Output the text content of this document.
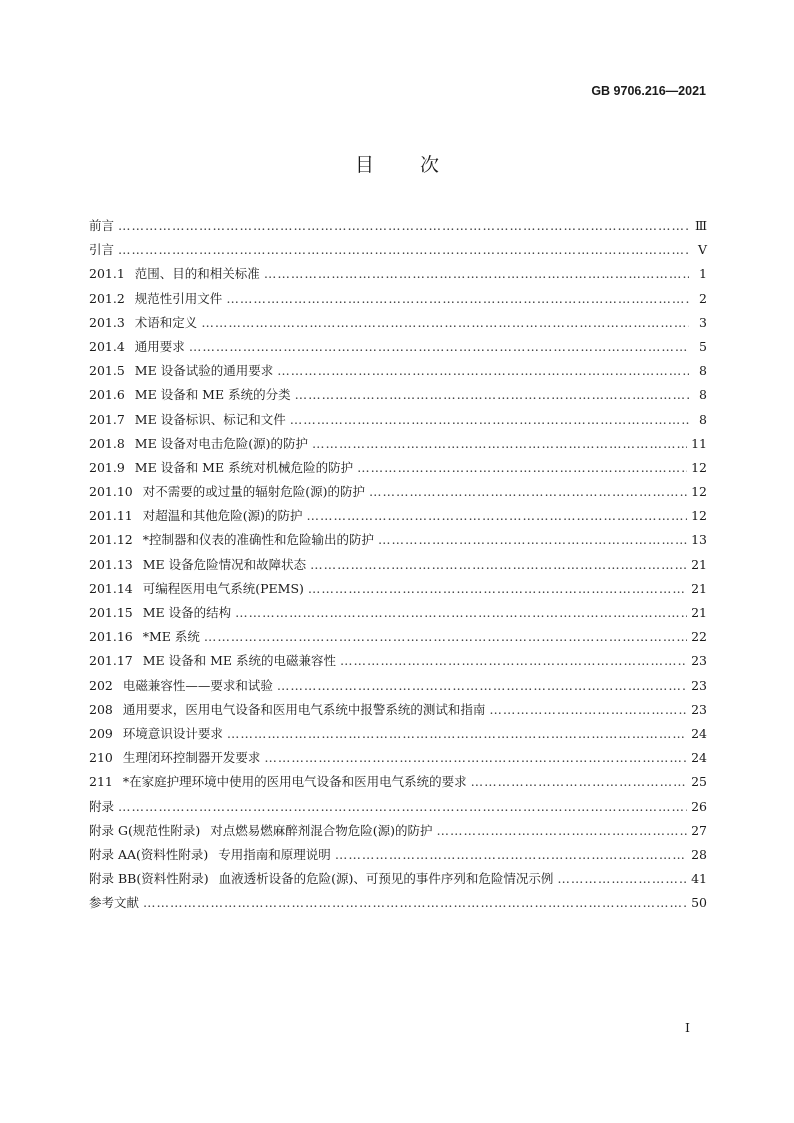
GB 9706.216—2021
目次
前言 ………………………………………………………………………………………………………………………………………………………………………………………………	Ⅲ
引言 ………………………………………………………………………………………………………………………………………………………………………………………………	Ⅴ
201.1 范围、目的和相关标准 ………………………………………………………………………………………………………………………………………………………………………………………………	1
201.2 规范性引用文件 ………………………………………………………………………………………………………………………………………………………………………………………………	2
201.3 术语和定义 ………………………………………………………………………………………………………………………………………………………………………………………………	3
201.4 通用要求 ………………………………………………………………………………………………………………………………………………………………………………………………	5
201.5 ME 设备试验的通用要求 ………………………………………………………………………………………………………………………………………………………………………………………………	8
201.6 ME 设备和 ME 系统的分类 ………………………………………………………………………………………………………………………………………………………………………………………………	8
201.7 ME 设备标识、标记和文件 ………………………………………………………………………………………………………………………………………………………………………………………………	8
201.8 ME 设备对电击危险(源)的防护 ………………………………………………………………………………………………………………………………………………………………………………………………	11
201.9 ME 设备和 ME 系统对机械危险的防护 ………………………………………………………………………………………………………………………………………………………………………………………………	12
201.10 对不需要的或过量的辐射危险(源)的防护 ………………………………………………………………………………………………………………………………………………………………………………………………	12
201.11 对超温和其他危险(源)的防护 ………………………………………………………………………………………………………………………………………………………………………………………………	12
201.12 *控制器和仪表的准确性和危险输出的防护 ………………………………………………………………………………………………………………………………………………………………………………………………	13
201.13 ME 设备危险情况和故障状态 ………………………………………………………………………………………………………………………………………………………………………………………………	21
201.14 可编程医用电气系统(PEMS) ………………………………………………………………………………………………………………………………………………………………………………………………	21
201.15 ME 设备的结构 ………………………………………………………………………………………………………………………………………………………………………………………………	21
201.16 *ME 系统 ………………………………………………………………………………………………………………………………………………………………………………………………	22
201.17 ME 设备和 ME 系统的电磁兼容性 ………………………………………………………………………………………………………………………………………………………………………………………………	23
202 电磁兼容性——要求和试验 ………………………………………………………………………………………………………………………………………………………………………………………………	23
208 通用要求，医用电气设备和医用电气系统中报警系统的测试和指南 ………………………………………………………………………………………………………………………………………………………………………………………………	23
209 环境意识设计要求 ………………………………………………………………………………………………………………………………………………………………………………………………	24
210 生理闭环控制器开发要求 ………………………………………………………………………………………………………………………………………………………………………………………………	24
211 *在家庭护理环境中使用的医用电气设备和医用电气系统的要求 ………………………………………………………………………………………………………………………………………………………………………………………………	25
附录 ………………………………………………………………………………………………………………………………………………………………………………………………	26
附录 G(规范性附录) 对点燃易燃麻醉剂混合物危险(源)的防护 ………………………………………………………………………………………………………………………………………………………………………………………………	27
附录 AA(资料性附录) 专用指南和原理说明 ………………………………………………………………………………………………………………………………………………………………………………………………	28
附录 BB(资料性附录) 血液透析设备的危险(源)、可预见的事件序列和危险情况示例 ………………………………………………………………………………………………………………………………………………………………………………………………	41
参考文献 ………………………………………………………………………………………………………………………………………………………………………………………………	50
I
